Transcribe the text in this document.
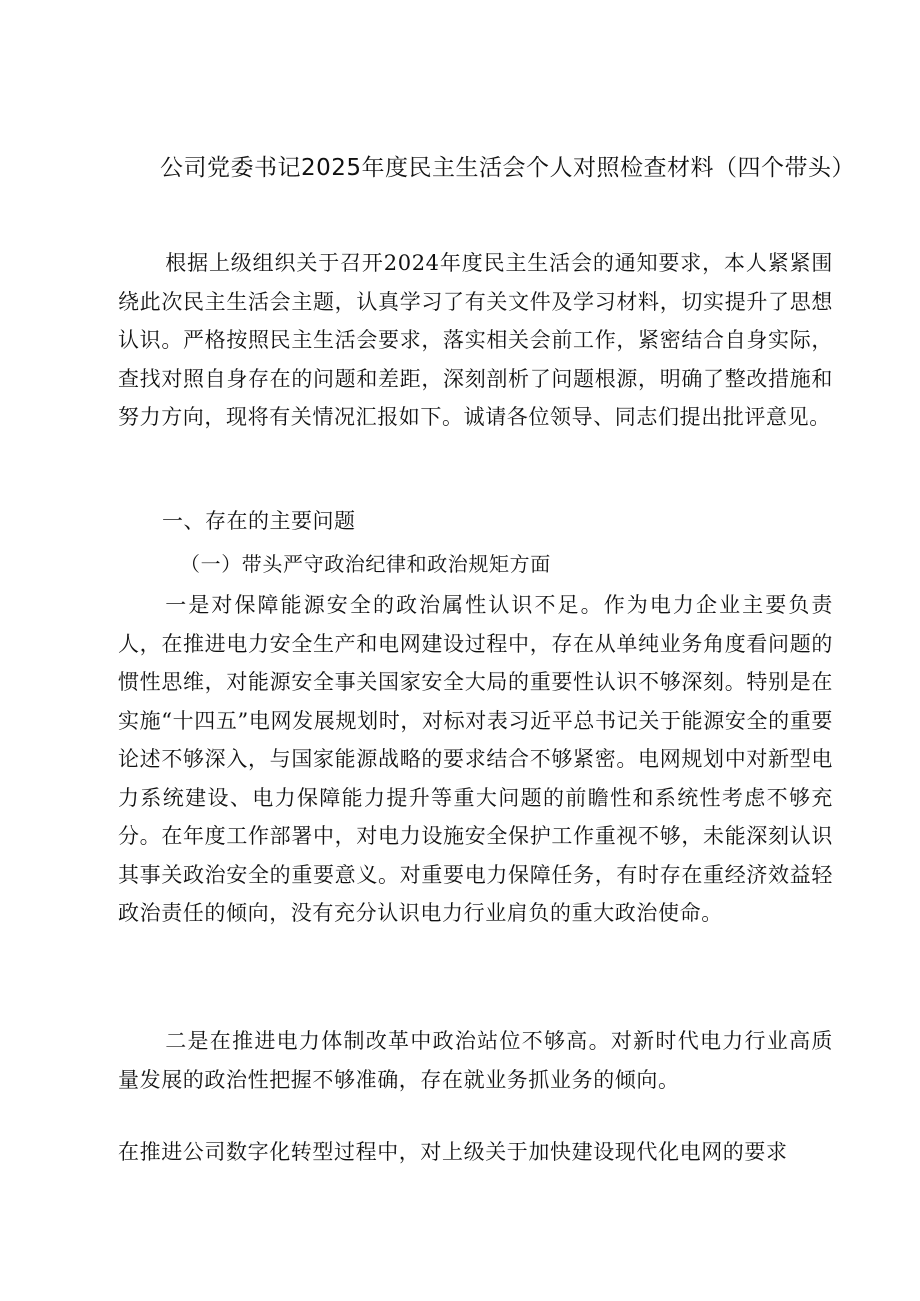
公司党委书记2025年度民主生活会个人对照检查材料（四个带头）
根据上级组织关于召开2024年度民主生活会的通知要求，本人紧紧围绕此次民主生活会主题，认真学习了有关文件及学习材料，切实提升了思想认识。严格按照民主生活会要求，落实相关会前工作，紧密结合自身实际，查找对照自身存在的问题和差距，深刻剖析了问题根源，明确了整改措施和努力方向，现将有关情况汇报如下。诚请各位领导、同志们提出批评意见。
一、存在的主要问题
（一）带头严守政治纪律和政治规矩方面
一是对保障能源安全的政治属性认识不足。作为电力企业主要负责人，在推进电力安全生产和电网建设过程中，存在从单纯业务角度看问题的惯性思维，对能源安全事关国家安全大局的重要性认识不够深刻。特别是在实施“十四五”电网发展规划时，对标对表习近平总书记关于能源安全的重要论述不够深入，与国家能源战略的要求结合不够紧密。电网规划中对新型电力系统建设、电力保障能力提升等重大问题的前瞻性和系统性考虑不够充分。在年度工作部署中，对电力设施安全保护工作重视不够，未能深刻认识其事关政治安全的重要意义。对重要电力保障任务，有时存在重经济效益轻政治责任的倾向，没有充分认识电力行业肩负的重大政治使命。
二是在推进电力体制改革中政治站位不够高。对新时代电力行业高质量发展的政治性把握不够准确，存在就业务抓业务的倾向。
在推进公司数字化转型过程中，对上级关于加快建设现代化电网的要求
